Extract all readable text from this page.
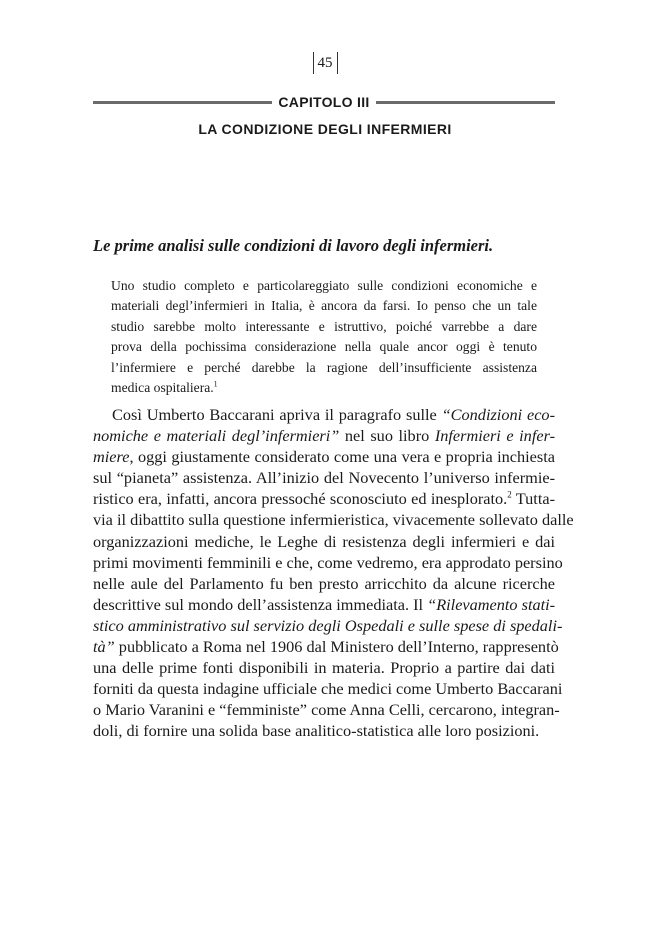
45
CAPITOLO III
LA CONDIZIONE DEGLI INFERMIERI
Le prime analisi sulle condizioni di lavoro degli infermieri.
Uno studio completo e particolareggiato sulle condizioni economiche e
materiali degl’infermieri in Italia, è ancora da farsi. Io penso che un tale
studio sarebbe molto interessante e istruttivo, poiché varrebbe a dare
prova della pochissima considerazione nella quale ancor oggi è tenuto
l’infermiere e perché darebbe la ragione dell’insufficiente assistenza
medica ospitaliera.$^1$
Così Umberto Baccarani apriva il paragrafo sulle “Condizioni eco-
nomiche e materiali degl’infermieri” nel suo libro Infermieri e infer-
miere, oggi giustamente considerato come una vera e propria inchiesta
sul “pianeta” assistenza. All’inizio del Novecento l’universo infermie-
ristico era, infatti, ancora pressoché sconosciuto ed inesplorato.$^2$ Tutta-
via il dibattito sulla questione infermieristica, vivacemente sollevato dalle
organizzazioni mediche, le Leghe di resistenza degli infermieri e dai
primi movimenti femminili e che, come vedremo, era approdato persino
nelle aule del Parlamento fu ben presto arricchito da alcune ricerche
descrittive sul mondo dell’assistenza immediata. Il “Rilevamento stati-
stico amministrativo sul servizio degli Ospedali e sulle spese di spedali-
tà” pubblicato a Roma nel 1906 dal Ministero dell’Interno, rappresentò
una delle prime fonti disponibili in materia. Proprio a partire dai dati
forniti da questa indagine ufficiale che medici come Umberto Baccarani
o Mario Varanini e “femministe” come Anna Celli, cercarono, integran-
doli, di fornire una solida base analitico-statistica alle loro posizioni.
